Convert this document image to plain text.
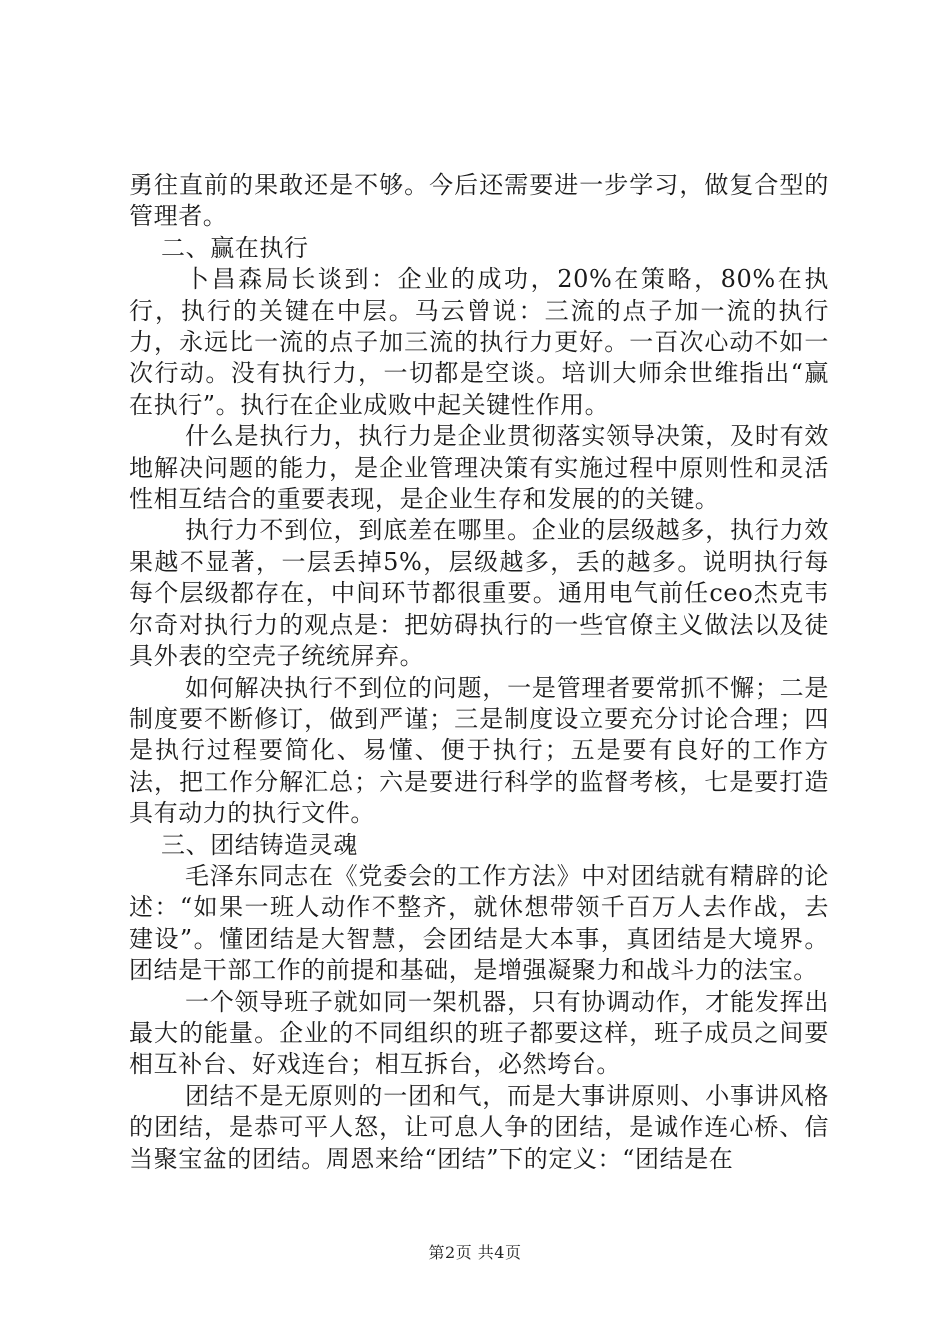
勇往直前的果敢还是不够。今后还需要进一步学习，做复合型的管理者。

二、赢在执行

卜昌森局长谈到：企业的成功，20%在策略，80%在执行，执行的关键在中层。马云曾说：三流的点子加一流的执行力，永远比一流的点子加三流的执行力更好。一百次心动不如一次行动。没有执行力，一切都是空谈。培训大师余世维指出“赢在执行”。执行在企业成败中起关键性作用。

什么是执行力，执行力是企业贯彻落实领导决策，及时有效地解决问题的能力，是企业管理决策有实施过程中原则性和灵活性相互结合的重要表现，是企业生存和发展的的关键。

执行力不到位，到底差在哪里。企业的层级越多，执行力效果越不显著，一层丢掉5%，层级越多，丢的越多。说明执行每每个层级都存在，中间环节都很重要。通用电气前任ceo杰克韦尔奇对执行力的观点是：把妨碍执行的一些官僚主义做法以及徒具外表的空壳子统统屏弃。

如何解决执行不到位的问题，一是管理者要常抓不懈；二是制度要不断修订，做到严谨；三是制度设立要充分讨论合理；四是执行过程要简化、易懂、便于执行；五是要有良好的工作方法，把工作分解汇总；六是要进行科学的监督考核，七是要打造具有动力的执行文件。

三、团结铸造灵魂

毛泽东同志在《党委会的工作方法》中对团结就有精辟的论述：“如果一班人动作不整齐，就休想带领千百万人去作战，去建设”。懂团结是大智慧，会团结是大本事，真团结是大境界。团结是干部工作的前提和基础，是增强凝聚力和战斗力的法宝。

一个领导班子就如同一架机器，只有协调动作，才能发挥出最大的能量。企业的不同组织的班子都要这样，班子成员之间要相互补台、好戏连台；相互拆台，必然垮台。

团结不是无原则的一团和气，而是大事讲原则、小事讲风格的团结，是恭可平人怒，让可息人争的团结，是诚作连心桥、信当聚宝盆的团结。周恩来给“团结”下的定义：“团结是在

第2页 共4页
